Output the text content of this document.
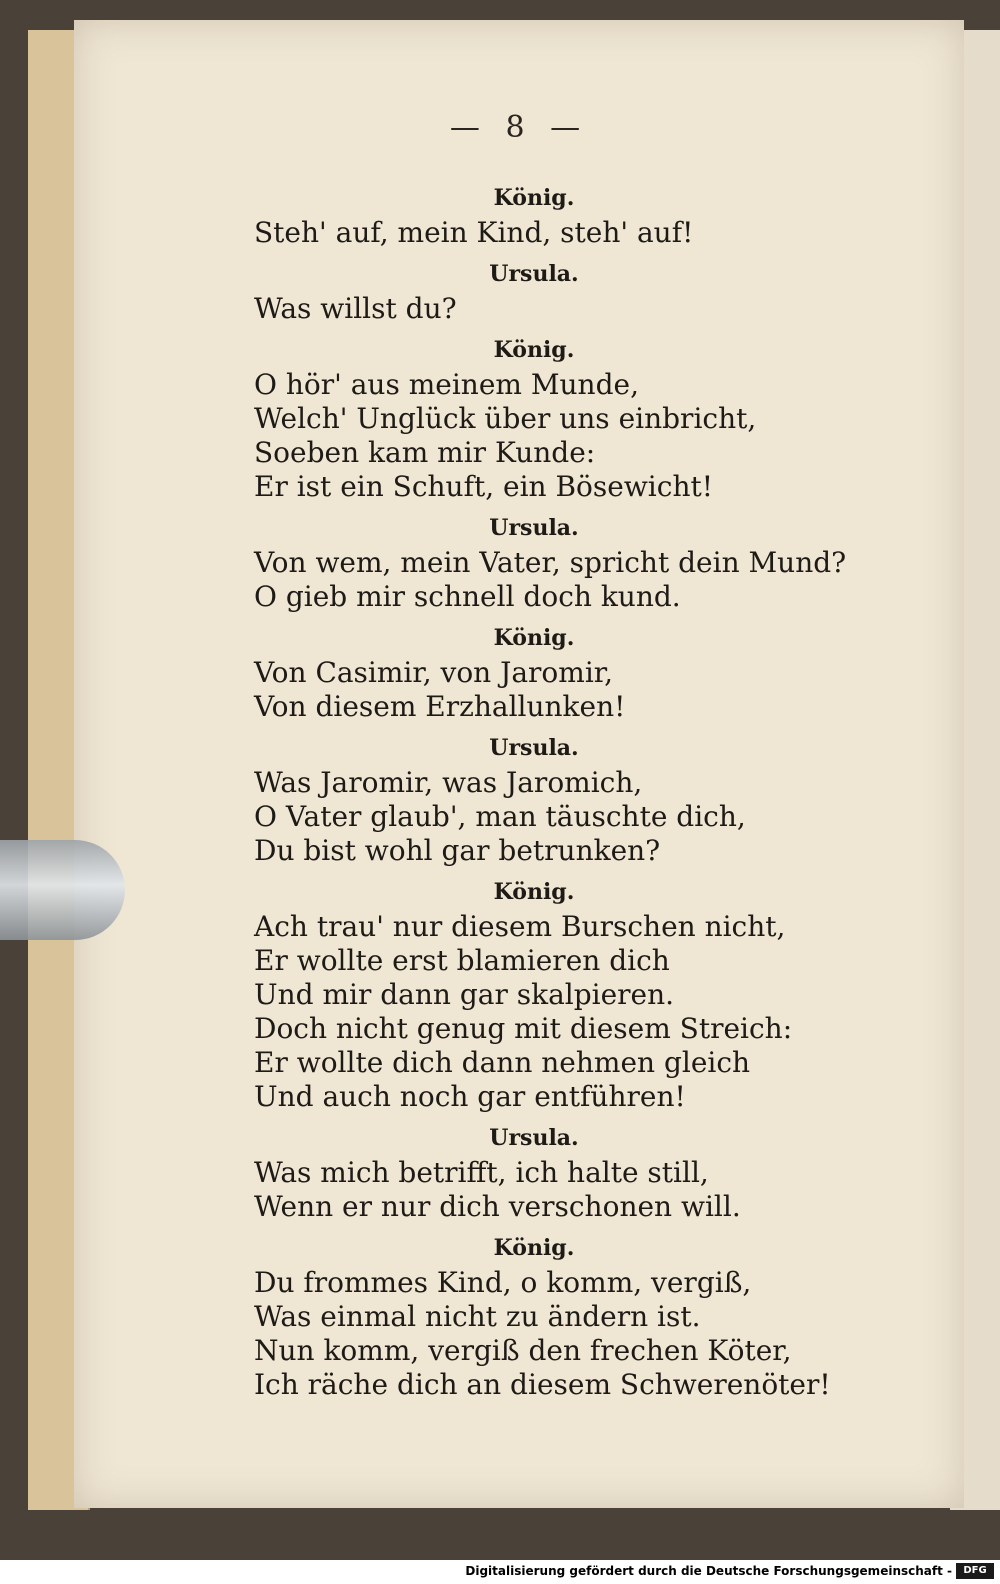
— 8 —
König.
Steh' auf, mein Kind, steh' auf!
Ursula.
Was willst du?
König.
O hör' aus meinem Munde,
Welch' Unglück über uns einbricht,
Soeben kam mir Kunde:
Er ist ein Schuft, ein Bösewicht!
Ursula.
Von wem, mein Vater, spricht dein Mund?
O gieb mir schnell doch kund.
König.
Von Casimir, von Jaromir,
Von diesem Erzhallunken!
Ursula.
Was Jaromir, was Jaromich,
O Vater glaub', man täuschte dich,
Du bist wohl gar betrunken?
König.
Ach trau' nur diesem Burschen nicht,
Er wollte erst blamieren dich
Und mir dann gar skalpieren.
Doch nicht genug mit diesem Streich:
Er wollte dich dann nehmen gleich
Und auch noch gar entführen!
Ursula.
Was mich betrifft, ich halte still,
Wenn er nur dich verschonen will.
König.
Du frommes Kind, o komm, vergiß,
Was einmal nicht zu ändern ist.
Nun komm, vergiß den frechen Köter,
Ich räche dich an diesem Schwerenöter!
Digitalisierung gefördert durch die Deutsche Forschungsgemeinschaft -	DFG
